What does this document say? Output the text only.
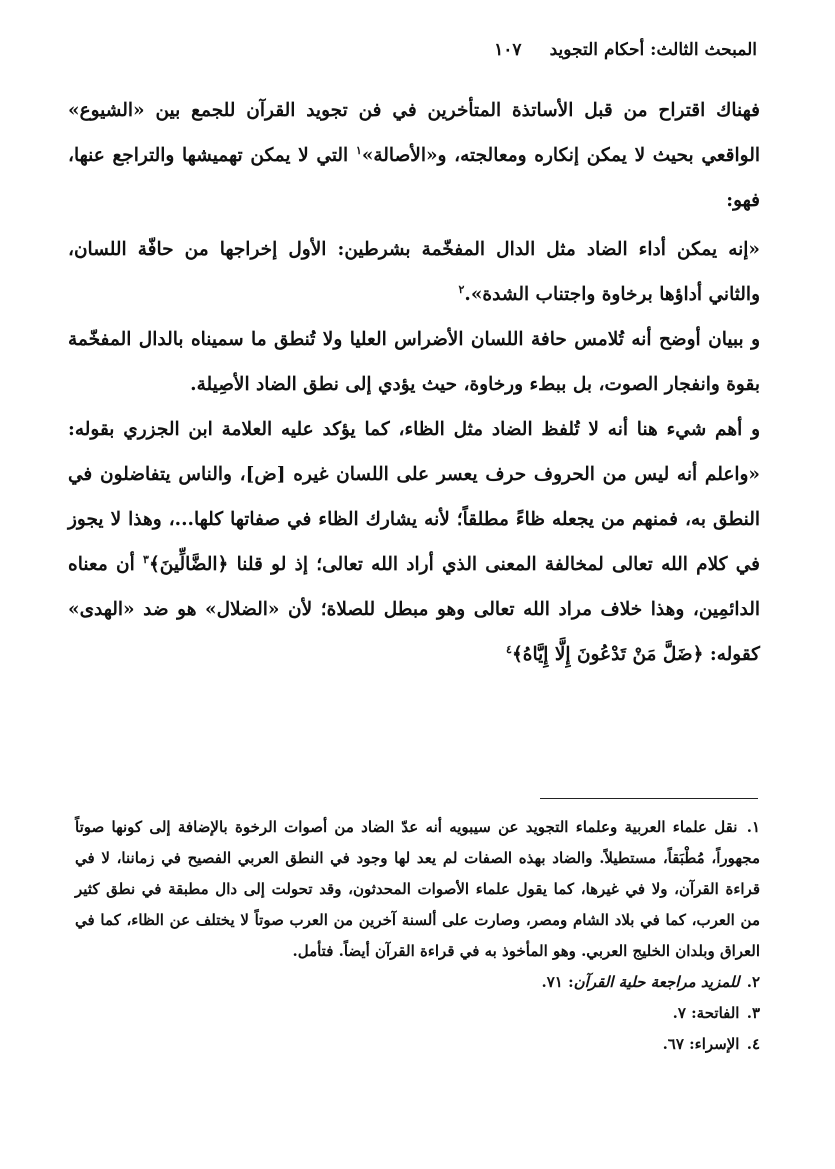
المبحث الثالث: أحكام التجويد
١٠٧

فهناك اقتراح من قبل الأساتذة المتأخرين في فن تجويد القرآن للجمع بين «الشيوع» الواقعي بحيث لا يمكن إنكاره ومعالجته، و«الأصالة»$^١$ التي لا يمكن تهميشها والتراجع عنها، فهو:

«إنه يمكن أداء الضاد مثل الدال المفخّمة بشرطين: الأول إخراجها من حافّة اللسان، والثاني أداؤها برخاوة واجتناب الشدة».$^٢$

و ببيان أوضح أنه تُلامس حافة اللسان الأضراس العليا ولا تُنطق ما سميناه بالدال المفخّمة بقوة وانفجار الصوت، بل ببطء ورخاوة، حيث يؤدي إلى نطق الضاد الأصِيلة.

و أهم شيء هنا أنه لا تُلفظ الضاد مثل الظاء، كما يؤكد عليه العلامة ابن الجزري بقوله: «واعلم أنه ليس من الحروف حرف يعسر على اللسان غيره [ض]، والناس يتفاضلون في النطق به، فمنهم من يجعله ظاءً مطلقاً؛ لأنه يشارك الظاء في صفاتها كلها...، وهذا لا يجوز في كلام الله تعالى لمخالفة المعنى الذي أراد الله تعالى؛ إذ لو قلنا ﴿الضَّالِّينَ﴾$^٣$ أن معناه الدائمِين، وهذا خلاف مراد الله تعالى وهو مبطل للصلاة؛ لأن «الضلال» هو ضد «الهدى» كقوله: ﴿ضَلَّ مَنْ تَدْعُونَ إِلَّا إِيَّاهُ﴾$^٤$

١. نقل علماء العربية وعلماء التجويد عن سيبويه أنه عدّ الضاد من أصوات الرخوة بالإضافة إلى كونها صوتاً مجهوراً، مُطْبَقاً، مستطيلاً. والضاد بهذه الصفات لم يعد لها وجود في النطق العربي الفصيح في زماننا، لا في قراءة القرآن، ولا في غيرها، كما يقول علماء الأصوات المحدثون، وقد تحولت إلى دال مطبقة في نطق كثير من العرب، كما في بلاد الشام ومصر، وصارت على ألسنة آخرين من العرب صوتاً لا يختلف عن الظاء، كما في العراق وبلدان الخليج العربي. وهو المأخوذ به في قراءة القرآن أيضاً. فتأمل.

٢. للمزيد مراجعة حلية القرآن: ٧١.

٣. الفاتحة: ٧.

٤. الإسراء: ٦٧.
